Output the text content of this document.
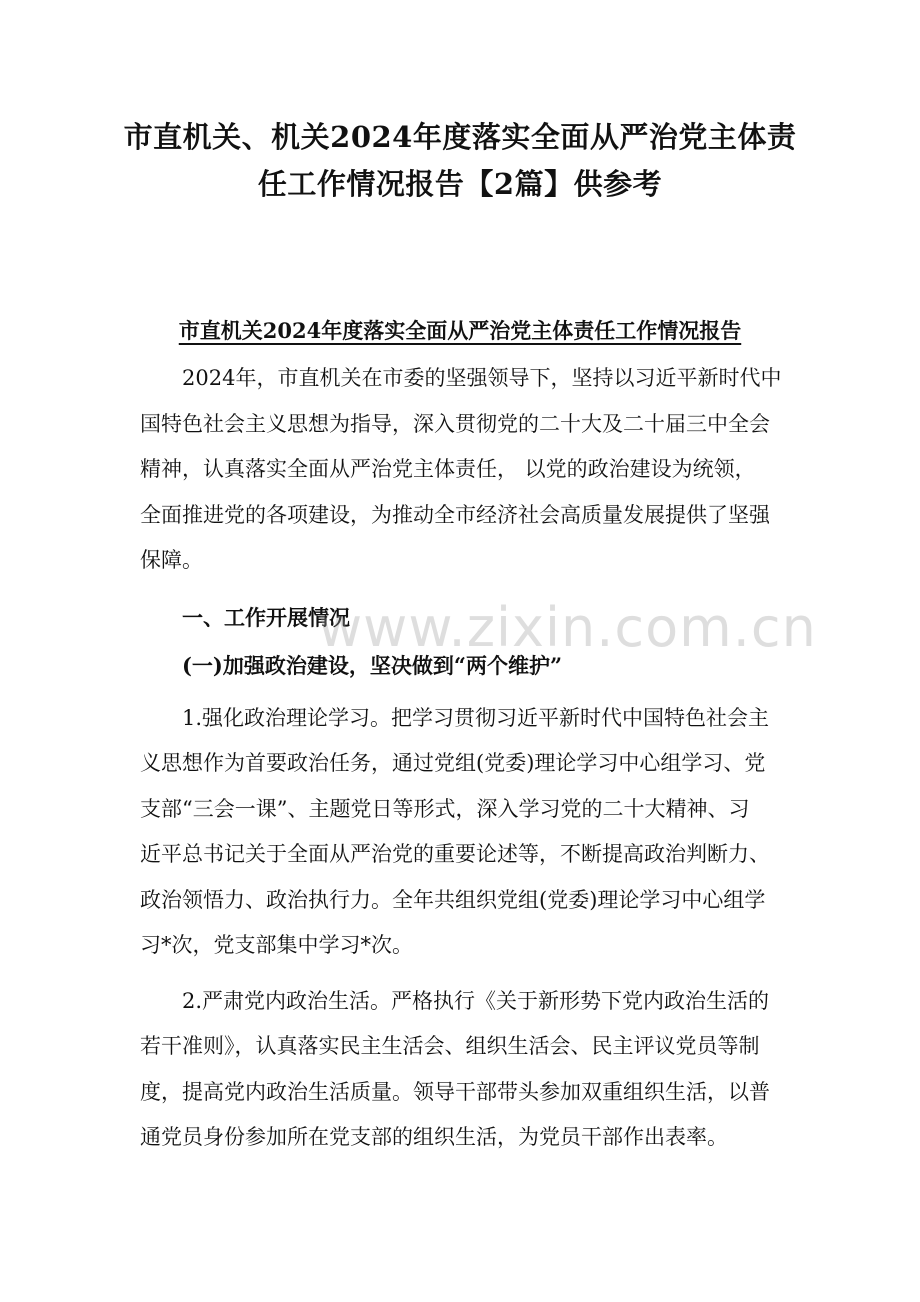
市直机关、机关2024年度落实全面从严治党主体责
任工作情况报告【2篇】供参考
市直机关2024年度落实全面从严治党主体责任工作情况报告
2024年，市直机关在市委的坚强领导下，坚持以习近平新时代中
国特色社会主义思想为指导，深入贯彻党的二十大及二十届三中全会
精神，认真落实全面从严治党主体责任， 以党的政治建设为统领，
全面推进党的各项建设，为推动全市经济社会高质量发展提供了坚强
保障。
一、工作开展情况
(一)加强政治建设，坚决做到“两个维护”
1.强化政治理论学习。把学习贯彻习近平新时代中国特色社会主
义思想作为首要政治任务，通过党组(党委)理论学习中心组学习、党
支部“三会一课”、主题党日等形式，深入学习党的二十大精神、习
近平总书记关于全面从严治党的重要论述等，不断提高政治判断力、
政治领悟力、政治执行力。全年共组织党组(党委)理论学习中心组学
习*次，党支部集中学习*次。
2.严肃党内政治生活。严格执行《关于新形势下党内政治生活的
若干准则》，认真落实民主生活会、组织生活会、民主评议党员等制
度，提高党内政治生活质量。领导干部带头参加双重组织生活，以普
通党员身份参加所在党支部的组织生活，为党员干部作出表率。
www.zixin.com.cn
